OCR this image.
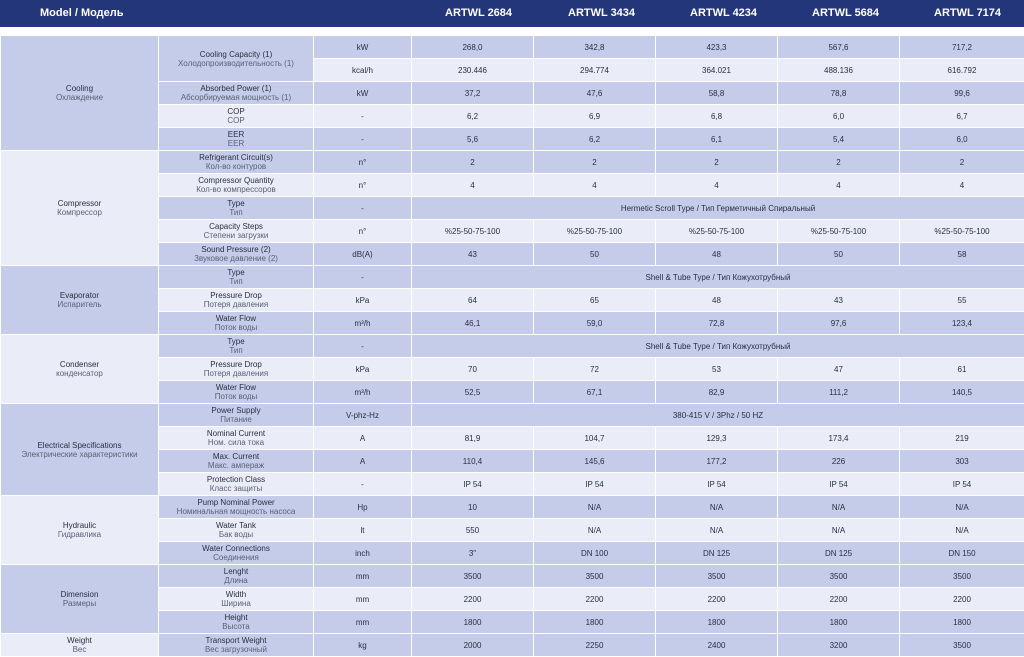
Model / Модель	ARTWL 2684	ARTWL 3434	ARTWL 4234	ARTWL 5684	ARTWL 7174
Cooling
Охлаждение	Cooling Capacity (1)
Холодопроизводительность (1)	kW	268,0	342,8	423,3	567,6	717,2
		kcal/h	230.446	294.774	364.021	488.136	616.792

	Absorbed Power (1)
Абсорбируемая мощность (1)	kW	37,2	47,6	58,8	78,8	99,6

	COP
COP	-	6,2	6,9	6,8	6,0	6,7

	EER
EER	-	5,6	6,2	6,1	5,4	6,0

Compressor
Компрессор	Refrigerant Circuit(s)
Кол-во контуров	n°	2	2	2	2	2

	Compressor Quantity
Кол-во компрессоров	n°	4	4	4	4	4

	Type
Тип	-	Hermetic Scroll Type / Тип Герметичный Спиральный				

	Capacity Steps
Степени загрузки	n°	%25-50-75-100	%25-50-75-100	%25-50-75-100	%25-50-75-100	%25-50-75-100

	Sound Pressure (2)
Звуковое давление (2)	dB(A)	43	50	48	50	58

Evaporator
Испаритель	Type
Тип	-	Shell & Tube Type / Тип Кожухотрубный				

	Pressure Drop
Потеря давления	kPa	64	65	48	43	55

	Water Flow
Поток воды	m³/h	46,1	59,0	72,8	97,6	123,4

Condenser
конденсатор	Type
Тип	-	Shell & Tube Type / Тип Кожухотрубный				

	Pressure Drop
Потеря давления	kPa	70	72	53	47	61

	Water Flow
Поток воды	m³/h	52,5	67,1	82,9	111,2	140,5

Electrical Specifications
Электрические характеристики	Power Supply
Питание	V-phz-Hz	380-415 V / 3Phz / 50 HZ				

	Nominal Current
Ном. сила тока	A	81,9	104,7	129,3	173,4	219

	Max. Current
Макс. ампераж	A	110,4	145,6	177,2	226	303

	Protection Class
Класс защиты	-	IP 54	IP 54	IP 54	IP 54	IP 54

Hydraulic
Гидравлика	Pump Nominal Power
Номинальная мощность насоса	Hp	10	N/A	N/A	N/A	N/A

	Water Tank
Бак воды	lt	550	N/A	N/A	N/A	N/A

	Water Connections
Соединения	inch	3"	DN 100	DN 125	DN 125	DN 150

Dimension
Размеры	Lenght
Длина	mm	3500	3500	3500	3500	3500

	Width
Ширина	mm	2200	2200	2200	2200	2200

	Height
Высота	mm	1800	1800	1800	1800	1800

Weight
Вес	Transport Weight
Вес загрузочный	kg	2000	2250	2400	3200	3500
